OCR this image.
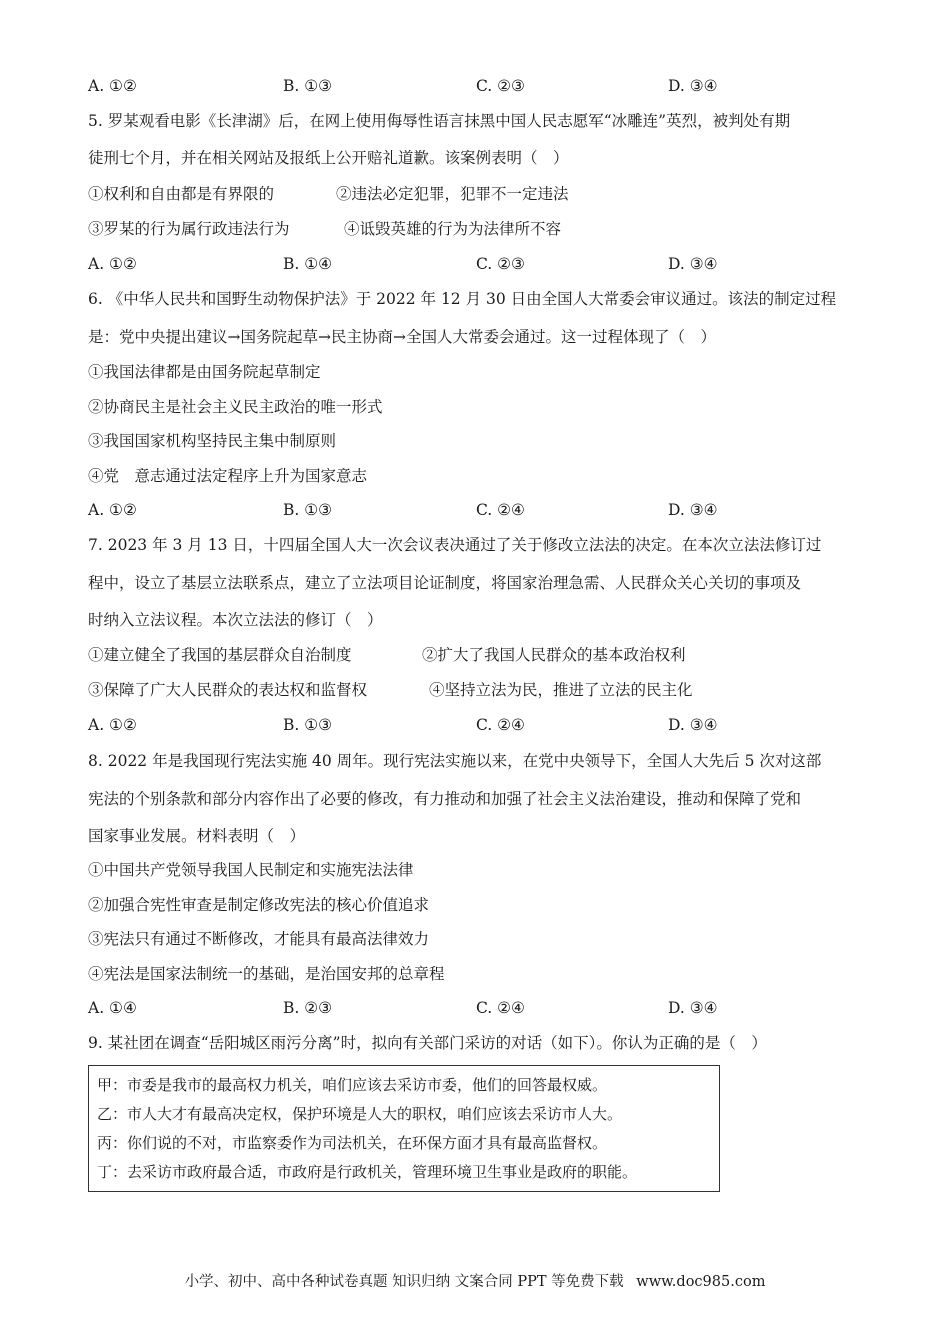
A. ①②	B. ①③	C. ②③	D. ③④
5. 罗某观看电影《长津湖》后，在网上使用侮辱性语言抹黑中国人民志愿军“冰雕连”英烈，被判处有期
徒刑七个月，并在相关网站及报纸上公开赔礼道歉。该案例表明（　）
①权利和自由都是有界限的	②违法必定犯罪，犯罪不一定违法
③罗某的行为属行政违法行为	④诋毁英雄的行为为法律所不容
A. ①②	B. ①④	C. ②③	D. ③④
6. 《中华人民共和国野生动物保护法》于 2022 年 12 月 30 日由全国人大常委会审议通过。该法的制定过程
是：党中央提出建议→国务院起草→民主协商→全国人大常委会通过。这一过程体现了（　）
①我国法律都是由国务院起草制定
②协商民主是社会主义民主政治的唯一形式
③我国国家机构坚持民主集中制原则
④党　意志通过法定程序上升为国家意志
A. ①②	B. ①③	C. ②④	D. ③④
7. 2023 年 3 月 13 日，十四届全国人大一次会议表决通过了关于修改立法法的决定。在本次立法法修订过
程中，设立了基层立法联系点，建立了立法项目论证制度，将国家治理急需、人民群众关心关切的事项及
时纳入立法议程。本次立法法的修订（　）
①建立健全了我国的基层群众自治制度	②扩大了我国人民群众的基本政治权利
③保障了广大人民群众的表达权和监督权	④坚持立法为民，推进了立法的民主化
A. ①②	B. ①③	C. ②④	D. ③④
8. 2022 年是我国现行宪法实施 40 周年。现行宪法实施以来，在党中央领导下，全国人大先后 5 次对这部
宪法的个别条款和部分内容作出了必要的修改，有力推动和加强了社会主义法治建设，推动和保障了党和
国家事业发展。材料表明（　）
①中国共产党领导我国人民制定和实施宪法法律
②加强合宪性审查是制定修改宪法的核心价值追求
③宪法只有通过不断修改，才能具有最高法律效力
④宪法是国家法制统一的基础，是治国安邦的总章程
A. ①④	B. ②③	C. ②④	D. ③④
9. 某社团在调查“岳阳城区雨污分离”时，拟向有关部门采访的对话（如下）。你认为正确的是（　）
甲：市委是我市的最高权力机关，咱们应该去采访市委，他们的回答最权威。
乙：市人大才有最高决定权，保护环境是人大的职权，咱们应该去采访市人大。
丙：你们说的不对，市监察委作为司法机关，在环保方面才具有最高监督权。
丁：去采访市政府最合适，市政府是行政机关，管理环境卫生事业是政府的职能。
小学、初中、高中各种试卷真题 知识归纳 文案合同 PPT 等免费下载 www.doc985.com
